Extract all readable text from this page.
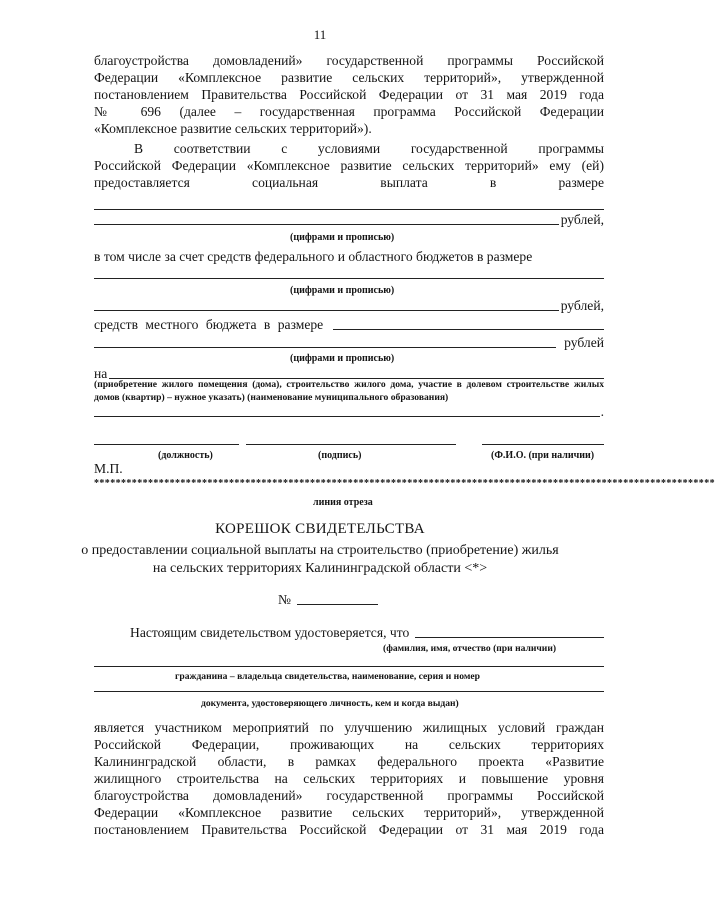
11
благоустройства домовладений» государственной программы Российской
Федерации «Комплексное развитие сельских территорий», утвержденной
постановлением Правительства Российской Федерации от 31 мая 2019 года
№ 696 (далее – государственная программа Российской Федерации
«Комплексное развитие сельских территорий»).
В соответствии с условиями государственной программы
Российской Федерации «Комплексное развитие сельских территорий» ему (ей)
предоставляется социальная выплата в размере
рублей,
(цифрами и прописью)
в том числе за счет средств федерального и областного бюджетов в размере
(цифрами и прописью)
рублей,
средств местного бюджета в размере
рублей
(цифрами и прописью)
на
(приобретение жилого помещения (дома), строительство жилого дома, участие в долевом строительстве жилых домов (квартир) – нужное указать) (наименование муниципального образования)
.
(должность)	(подпись)	(Ф.И.О. (при наличии)
М.П.
*******************************************************************************************************************
линия отреза
КОРЕШОК СВИДЕТЕЛЬСТВА
о предоставлении социальной выплаты на строительство (приобретение) жилья
на сельских территориях Калининградской области <*>
№
Настоящим свидетельством удостоверяется, что
(фамилия, имя, отчество (при наличии)
гражданина – владельца свидетельства, наименование, серия и номер
документа, удостоверяющего личность, кем и когда выдан)
является участником мероприятий по улучшению жилищных условий граждан
Российской Федерации, проживающих на сельских территориях
Калининградской области, в рамках федерального проекта «Развитие
жилищного строительства на сельских территориях и повышение уровня
благоустройства домовладений» государственной программы Российской
Федерации «Комплексное развитие сельских территорий», утвержденной
постановлением Правительства Российской Федерации от 31 мая 2019 года
